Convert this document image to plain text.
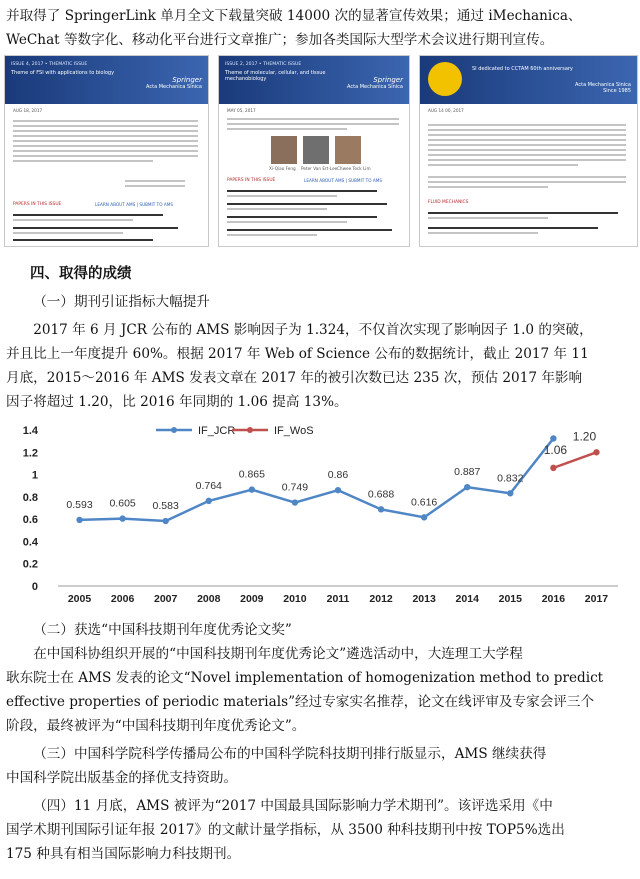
并取得了 SpringerLink 单月全文下载量突破 14000 次的显著宣传效果；通过 iMechanica、
WeChat 等数字化、移动化平台进行文章推广；参加各类国际大型学术会议进行期刊宣传。

ISSUE 4, 2017 • THEMATIC ISSUE
Theme of FSI with applications to biology
Springer
Acta Mechanica Sinica
AUG 18, 2017
PAPERS IN THIS ISSUE	LEARN ABOUT AMS | SUBMIT TO AMS
ISSUE 2, 2017 • THEMATIC ISSUE
Theme of molecular, cellular, and tissue mechanobiology	Springer
Acta Mechanica Sinica
MAY 05, 2017
Xi-Qiao Feng Peter Van Ert-Lee Chwee Teck Lim
PAPERS IN THIS ISSUE	LEARN ABOUT AMS | SUBMIT TO AMS
SI dedicated to CCTAM 60th anniversary
Acta Mechanica Sinica
Since 1985
AUG 14 00, 2017
FLUID MECHANICS

四、取得的成绩

（一）期刊引证指标大幅提升

2017 年 6 月 JCR 公布的 AMS 影响因子为 1.324，不仅首次实现了影响因子 1.0 的突破，
并且比上一年度提升 60%。根据 2017 年 Web of Science 公布的数据统计，截止 2017 年 11
月底，2015～2016 年 AMS 发表文章在 2017 年的被引次数已达 235 次，预估 2017 年影响
因子将超过 1.20，比 2016 年同期的 1.06 提高 13%。

0
0.2
0.4
0.6
0.8
1
1.2
1.4
2005 2006 2007 2008 2009 2010 2011 2012 2013 2014 2015 2016 2017
0.593 0.605 0.583
0.764
0.865
0.749
0.86
0.688
0.616
0.887
0.832
1.06
1.20
IF_JCR	IF_WoS

（二）获选“中国科技期刊年度优秀论文奖”

在中国科协组织开展的“中国科技期刊年度优秀论文”遴选活动中，大连理工大学程
耿东院士在 AMS 发表的论文“Novel implementation of homogenization method to predict
effective properties of periodic materials”经过专家实名推荐，论文在线评审及专家会评三个
阶段，最终被评为“中国科技期刊年度优秀论文”。

（三）中国科学院科学传播局公布的中国科学院科技期刊排行版显示，AMS 继续获得
中国科学院出版基金的择优支持资助。

（四）11 月底，AMS 被评为“2017 中国最具国际影响力学术期刊”。该评选采用《中
国学术期刊国际引证年报 2017》的文献计量学指标，从 3500 种科技期刊中按 TOP5%选出
175 种具有相当国际影响力科技期刊。
